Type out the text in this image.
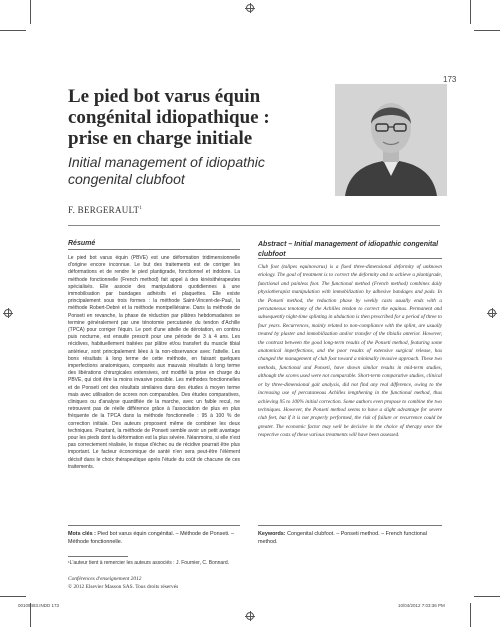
173
Le pied bot varus équin congénital idiopathique : prise en charge initiale
Initial management of idiopathic congenital clubfoot
F. BERGERAULT$^1$
Résumé
Le pied bot varus équin (PBVE) est une déformation tridimensionnelle d'origine encore inconnue. Le but des traitements est de corriger les déformations et de rendre le pied plantigrade, fonctionnel et indolore. La méthode fonctionnelle (French method) fait appel à des kinésithérapeutes spécialisés. Elle associe des manipulations quotidiennes à une immobilisation par bandages adhésifs et plaquettes. Elle existe principalement sous trois formes : la méthode Saint-Vincent-de-Paul, la méthode Robert-Debré et la méthode montpelliéraine. Dans la méthode de Ponseti en revanche, la phase de réduction par plâtres hebdomadaires se termine généralement par une ténotomie percutanée du tendon d'Achille (TPCA) pour corriger l'équin. Le port d'une attelle de dérotation, en continu puis nocturne, est ensuite prescrit pour une période de 3 à 4 ans. Les récidives, habituellement traitées par plâtre et/ou transfert du muscle tibial antérieur, sont principalement liées à la non-observance avec l'attelle. Les bons résultats à long terme de cette méthode, en faisant quelques imperfections anatomiques, comparés aux mauvais résultats à long terme des libérations chirurgicales extensives, ont modifié la prise en charge du PBVE, qui doit être la moins invasive possible. Les méthodes fonctionnelles et de Ponseti ont des résultats similaires dans des études à moyen terme mais avec utilisation de scores non comparables. Des études comparatives, cliniques ou d'analyse quantifiée de la marche, avec un faible recul, ne retrouvent pas de réelle différence grâce à l'association de plus en plus fréquente de la TPCA dans la méthode fonctionnelle : 95 à 100 % de correction initiale. Des auteurs proposent même de combiner les deux techniques. Pourtant, la méthode de Ponseti semble avoir un petit avantage pour les pieds dont la déformation est la plus sévère. Néanmoins, si elle n'est pas correctement réalisée, le risque d'échec ou de récidive pourrait être plus important. Le facteur économique de santé n'en sera peut-être l'élément décisif dans le choix thérapeutique après l'étude du coût de chacune de ces traitements.
Abstract – Initial management of idiopathic congenital clubfoot
Club foot (talipes equinovarus) is a fixed three-dimensional deformity of unknown etiology. The goal of treatment is to correct the deformity and to achieve a plantigrade, functional and painless foot. The functional method (French method) combines daily physiotherapist manipulation with immobilization by adhesive bandages and pads. In the Ponseti method, the reduction phase by weekly casts usually ends with a percutaneous tenotomy of the Achilles tendon to correct the equinus. Permanent and subsequently night-time splinting in abduction is then prescribed for a period of three to four years. Recurrences, mainly related to non-compliance with the splint, are usually treated by plaster and immobilization and/or transfer of the tibialis anterior. However, the contrast between the good long-term results of the Ponseti method, featuring some anatomical imperfections, and the poor results of extensive surgical release, has changed the management of club foot toward a minimally invasive approach. These two methods, functional and Ponseti, have shown similar results in mid-term studies, although the scores used were not comparable. Short-term comparative studies, clinical or by three-dimensional gait analysis, did not find any real difference, owing to the increasing use of percutaneous Achilles lengthening in the functional method, thus achieving 95 to 100% initial correction. Some authors even propose to combine the two techniques. However, the Ponseti method seems to have a slight advantage for severe club feet, but if it is not properly performed, the risk of failure or recurrence could be greater. The economic factor may well be decisive in the choice of therapy once the respective costs of these various treatments will have been assessed.
Mots clés : Pied bot varus équin congénital. – Méthode de Ponseti. – Méthode fonctionnelle.
Keywords: Congenital clubfoot. – Ponseti method. – French functional method.
¹L'auteur tient à remercier les auteurs associés : J. Fournier, C. Bonnard.
Conférences d'enseignement 2012
© 2012 Elsevier Masson SAS. Tous droits réservés
00109483.INDD 173	10/04/2012 7:03:36 PM
